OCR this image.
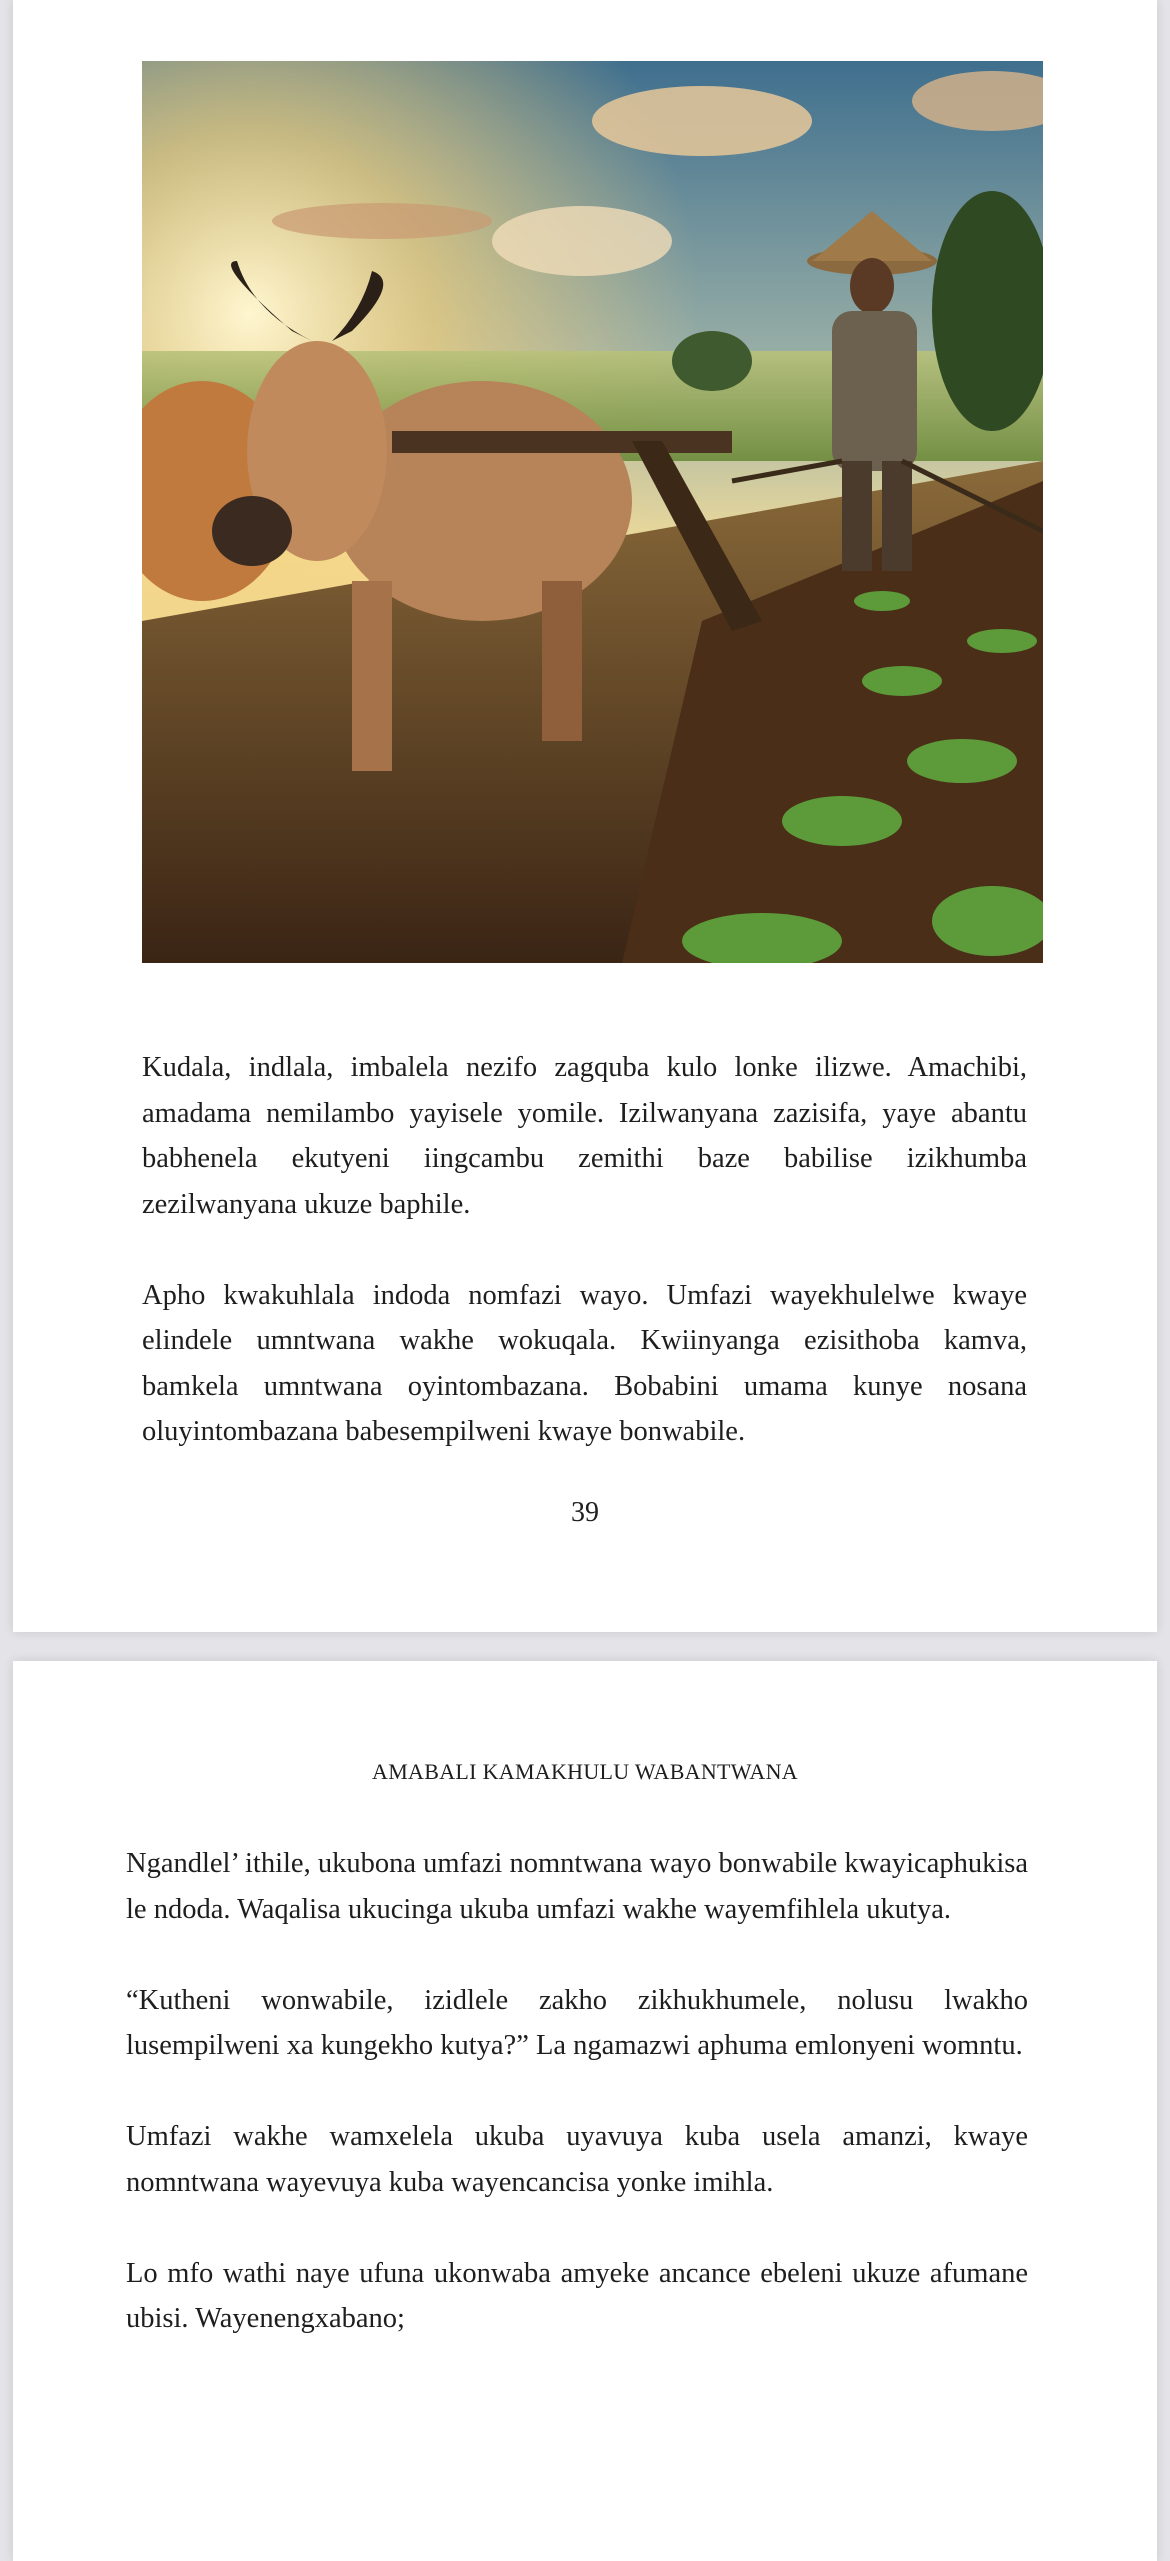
Kudala, indlala, imbalela nezifo zagquba kulo lonke ilizwe. Amachibi, amadama nemilambo yayisele yomile. Izilwanyana zazisifa, yaye abantu babhenela ekutyeni iingcambu zemithi baze babilise izikhumba zezilwanyana ukuze baphile.

Apho kwakuhlala indoda nomfazi wayo. Umfazi wayekhulelwe kwaye elindele umntwana wakhe wokuqala. Kwiinyanga ezisithoba kamva, bamkela umntwana oyintombazana. Bobabini umama kunye nosana oluyintombazana babesempilweni kwaye bonwabile.

39
AMABALI KAMAKHULU WABANTWANA

Ngandlel’ ithile, ukubona umfazi nomntwana wayo bonwabile kwayicaphukisa le ndoda. Waqalisa ukucinga ukuba umfazi wakhe wayemfihlela ukutya.

“Kutheni wonwabile, izidlele zakho zikhukhumele, nolusu lwakho lusempilweni xa kungekho kutya?” La ngamazwi aphuma emlonyeni womntu.

Umfazi wakhe wamxelela ukuba uyavuya kuba usela amanzi, kwaye nomntwana wayevuya kuba wayencancisa yonke imihla.

Lo mfo wathi naye ufuna ukonwaba amyeke ancance ebeleni ukuze afumane ubisi. Wayenengxabano;
